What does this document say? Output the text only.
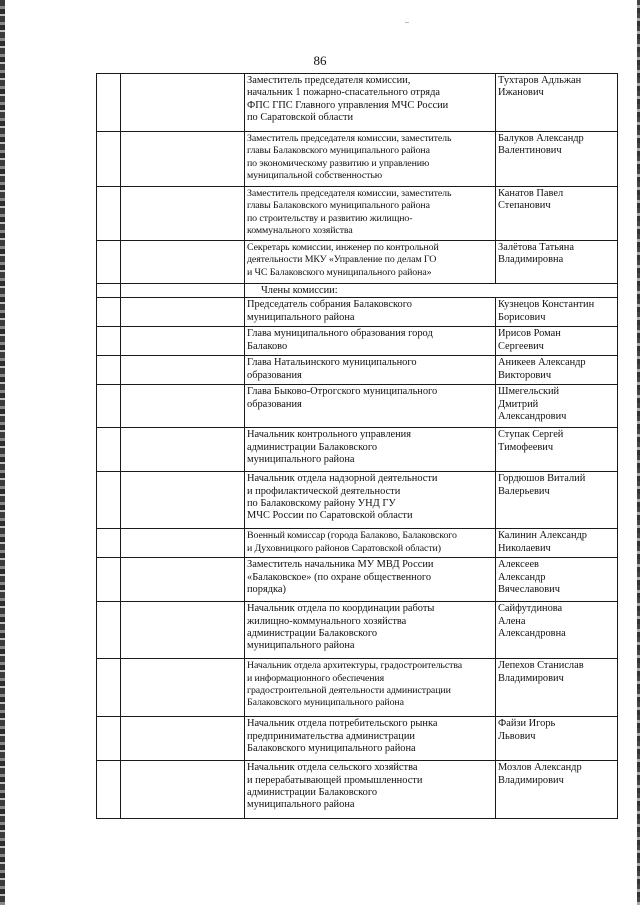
86
		Заместитель председателя комиссии,
начальник 1 пожарно-спасательного отряда
ФПС ГПС Главного управления МЧС России
по Саратовской области	Тухтаров Адльжан
Ижанович
		Заместитель председателя комиссии, заместитель
главы Балаковского муниципального района
по экономическому развитию и управлению
муниципальной собственностью	Балуков Александр
Валентинович
		Заместитель председателя комиссии, заместитель
главы Балаковского муниципального района
по строительству и развитию жилищно-
коммунального хозяйства	Канатов Павел
Степанович
		Секретарь комиссии, инженер по контрольной
деятельности МКУ «Управление по делам ГО
и ЧС Балаковского муниципального района»	Залётова Татьяна
Владимировна
		Члены комиссии:	
		Председатель собрания Балаковского
муниципального района	Кузнецов Константин
Борисович
		Глава муниципального образования город
Балаково	Ирисов Роман
Сергеевич
		Глава Натальинского муниципального
образования	Аникеев Александр
Викторович
		Глава Быково-Отрогского муниципального
образования	Шмегельский
Дмитрий
Александрович
		Начальник контрольного управления
администрации Балаковского
муниципального района	Ступак Сергей
Тимофеевич
		Начальник отдела надзорной деятельности
и профилактической деятельности
по Балаковскому району УНД ГУ
МЧС России по Саратовской области	Гордюшов Виталий
Валерьевич
		Военный комиссар (города Балаково, Балаковского
и Духовницкого районов Саратовской области)	Калинин Александр
Николаевич
		Заместитель начальника МУ МВД России
«Балаковское» (по охране общественного
порядка)	Алексеев
Александр
Вячеславович
		Начальник отдела по координации работы
жилищно-коммунального хозяйства
администрации Балаковского
муниципального района	Сайфутдинова
Алена
Александровна
		Начальник отдела архитектуры, градостроительства
и информационного обеспечения
градостроительной деятельности администрации
Балаковского муниципального района	Лепехов Станислав
Владимирович
		Начальник отдела потребительского рынка
предпринимательства администрации
Балаковского муниципального района	Файзи Игорь
Львович
		Начальник отдела сельского хозяйства
и перерабатывающей промышленности
администрации Балаковского
муниципального района	Мозлов Александр
Владимирович
